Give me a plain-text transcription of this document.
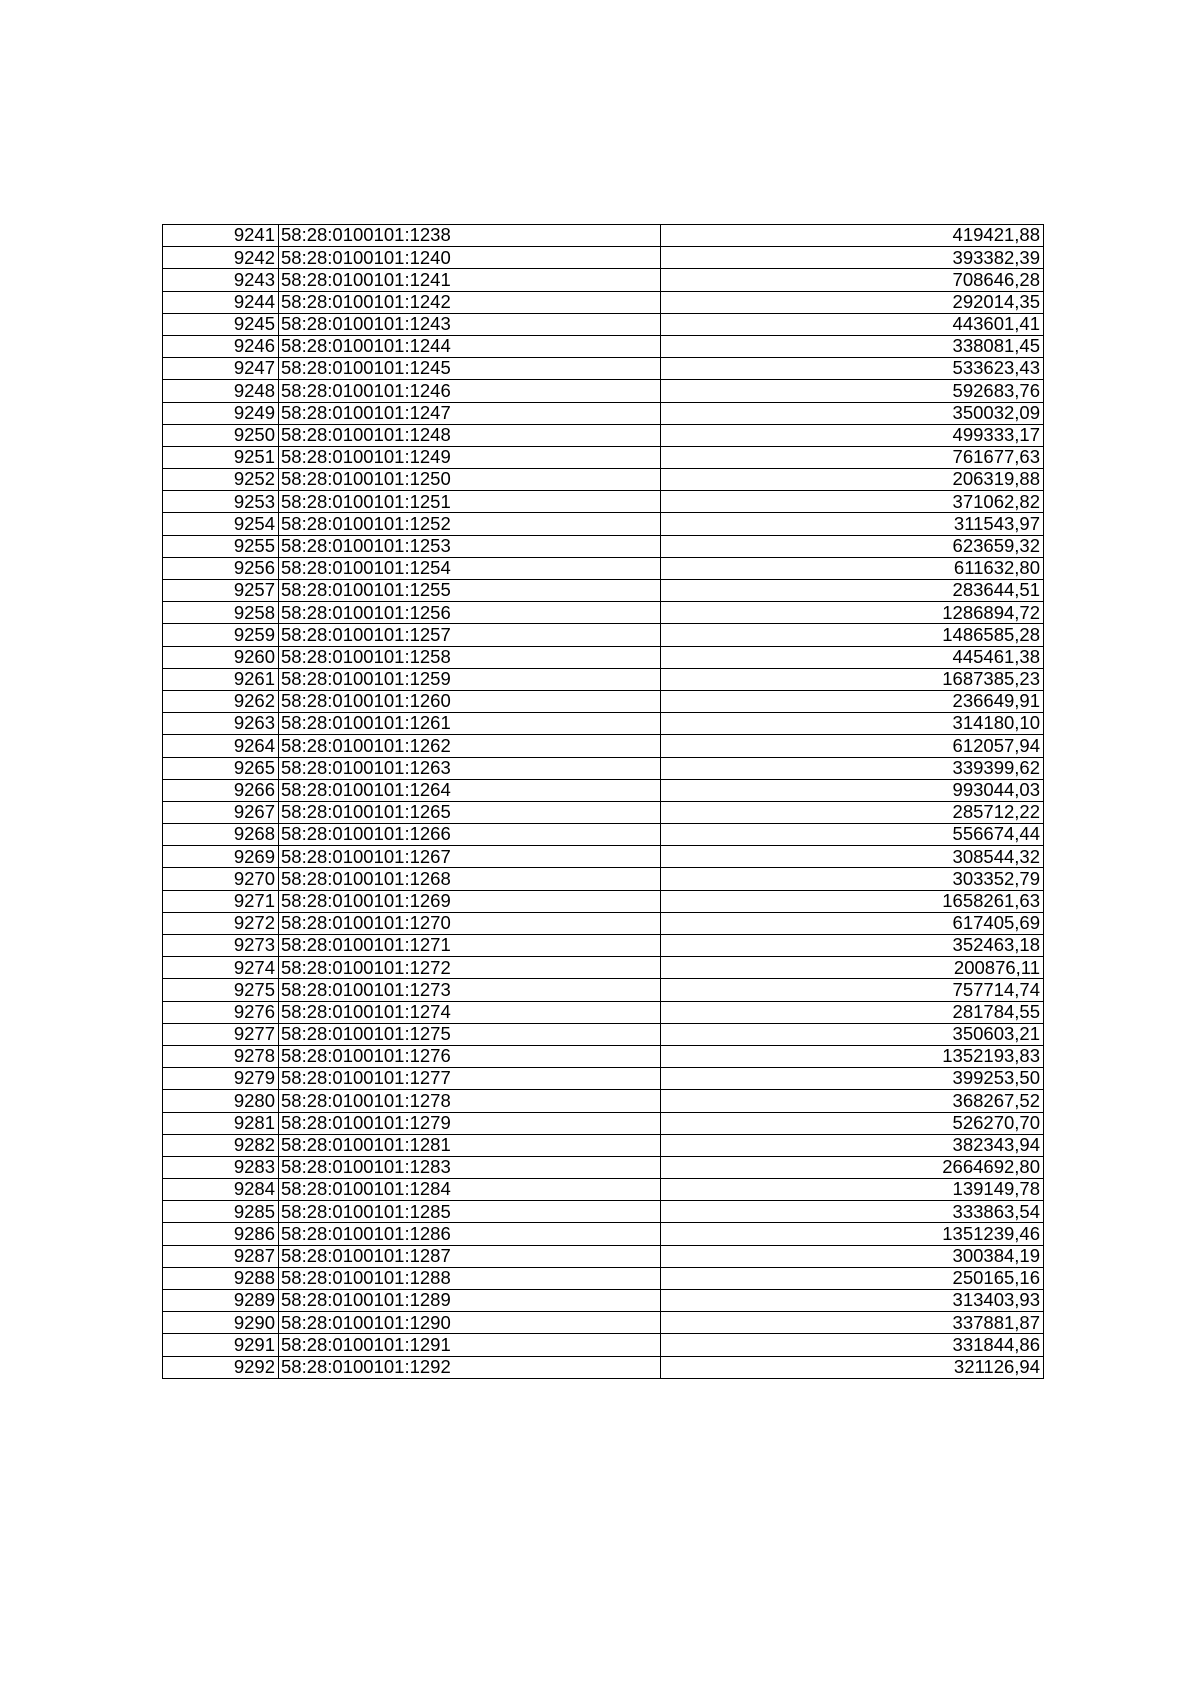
9241	58:28:0100101:1238	419421,88
9242	58:28:0100101:1240	393382,39
9243	58:28:0100101:1241	708646,28
9244	58:28:0100101:1242	292014,35
9245	58:28:0100101:1243	443601,41
9246	58:28:0100101:1244	338081,45
9247	58:28:0100101:1245	533623,43
9248	58:28:0100101:1246	592683,76
9249	58:28:0100101:1247	350032,09
9250	58:28:0100101:1248	499333,17
9251	58:28:0100101:1249	761677,63
9252	58:28:0100101:1250	206319,88
9253	58:28:0100101:1251	371062,82
9254	58:28:0100101:1252	311543,97
9255	58:28:0100101:1253	623659,32
9256	58:28:0100101:1254	611632,80
9257	58:28:0100101:1255	283644,51
9258	58:28:0100101:1256	1286894,72
9259	58:28:0100101:1257	1486585,28
9260	58:28:0100101:1258	445461,38
9261	58:28:0100101:1259	1687385,23
9262	58:28:0100101:1260	236649,91
9263	58:28:0100101:1261	314180,10
9264	58:28:0100101:1262	612057,94
9265	58:28:0100101:1263	339399,62
9266	58:28:0100101:1264	993044,03
9267	58:28:0100101:1265	285712,22
9268	58:28:0100101:1266	556674,44
9269	58:28:0100101:1267	308544,32
9270	58:28:0100101:1268	303352,79
9271	58:28:0100101:1269	1658261,63
9272	58:28:0100101:1270	617405,69
9273	58:28:0100101:1271	352463,18
9274	58:28:0100101:1272	200876,11
9275	58:28:0100101:1273	757714,74
9276	58:28:0100101:1274	281784,55
9277	58:28:0100101:1275	350603,21
9278	58:28:0100101:1276	1352193,83
9279	58:28:0100101:1277	399253,50
9280	58:28:0100101:1278	368267,52
9281	58:28:0100101:1279	526270,70
9282	58:28:0100101:1281	382343,94
9283	58:28:0100101:1283	2664692,80
9284	58:28:0100101:1284	139149,78
9285	58:28:0100101:1285	333863,54
9286	58:28:0100101:1286	1351239,46
9287	58:28:0100101:1287	300384,19
9288	58:28:0100101:1288	250165,16
9289	58:28:0100101:1289	313403,93
9290	58:28:0100101:1290	337881,87
9291	58:28:0100101:1291	331844,86
9292	58:28:0100101:1292	321126,94
